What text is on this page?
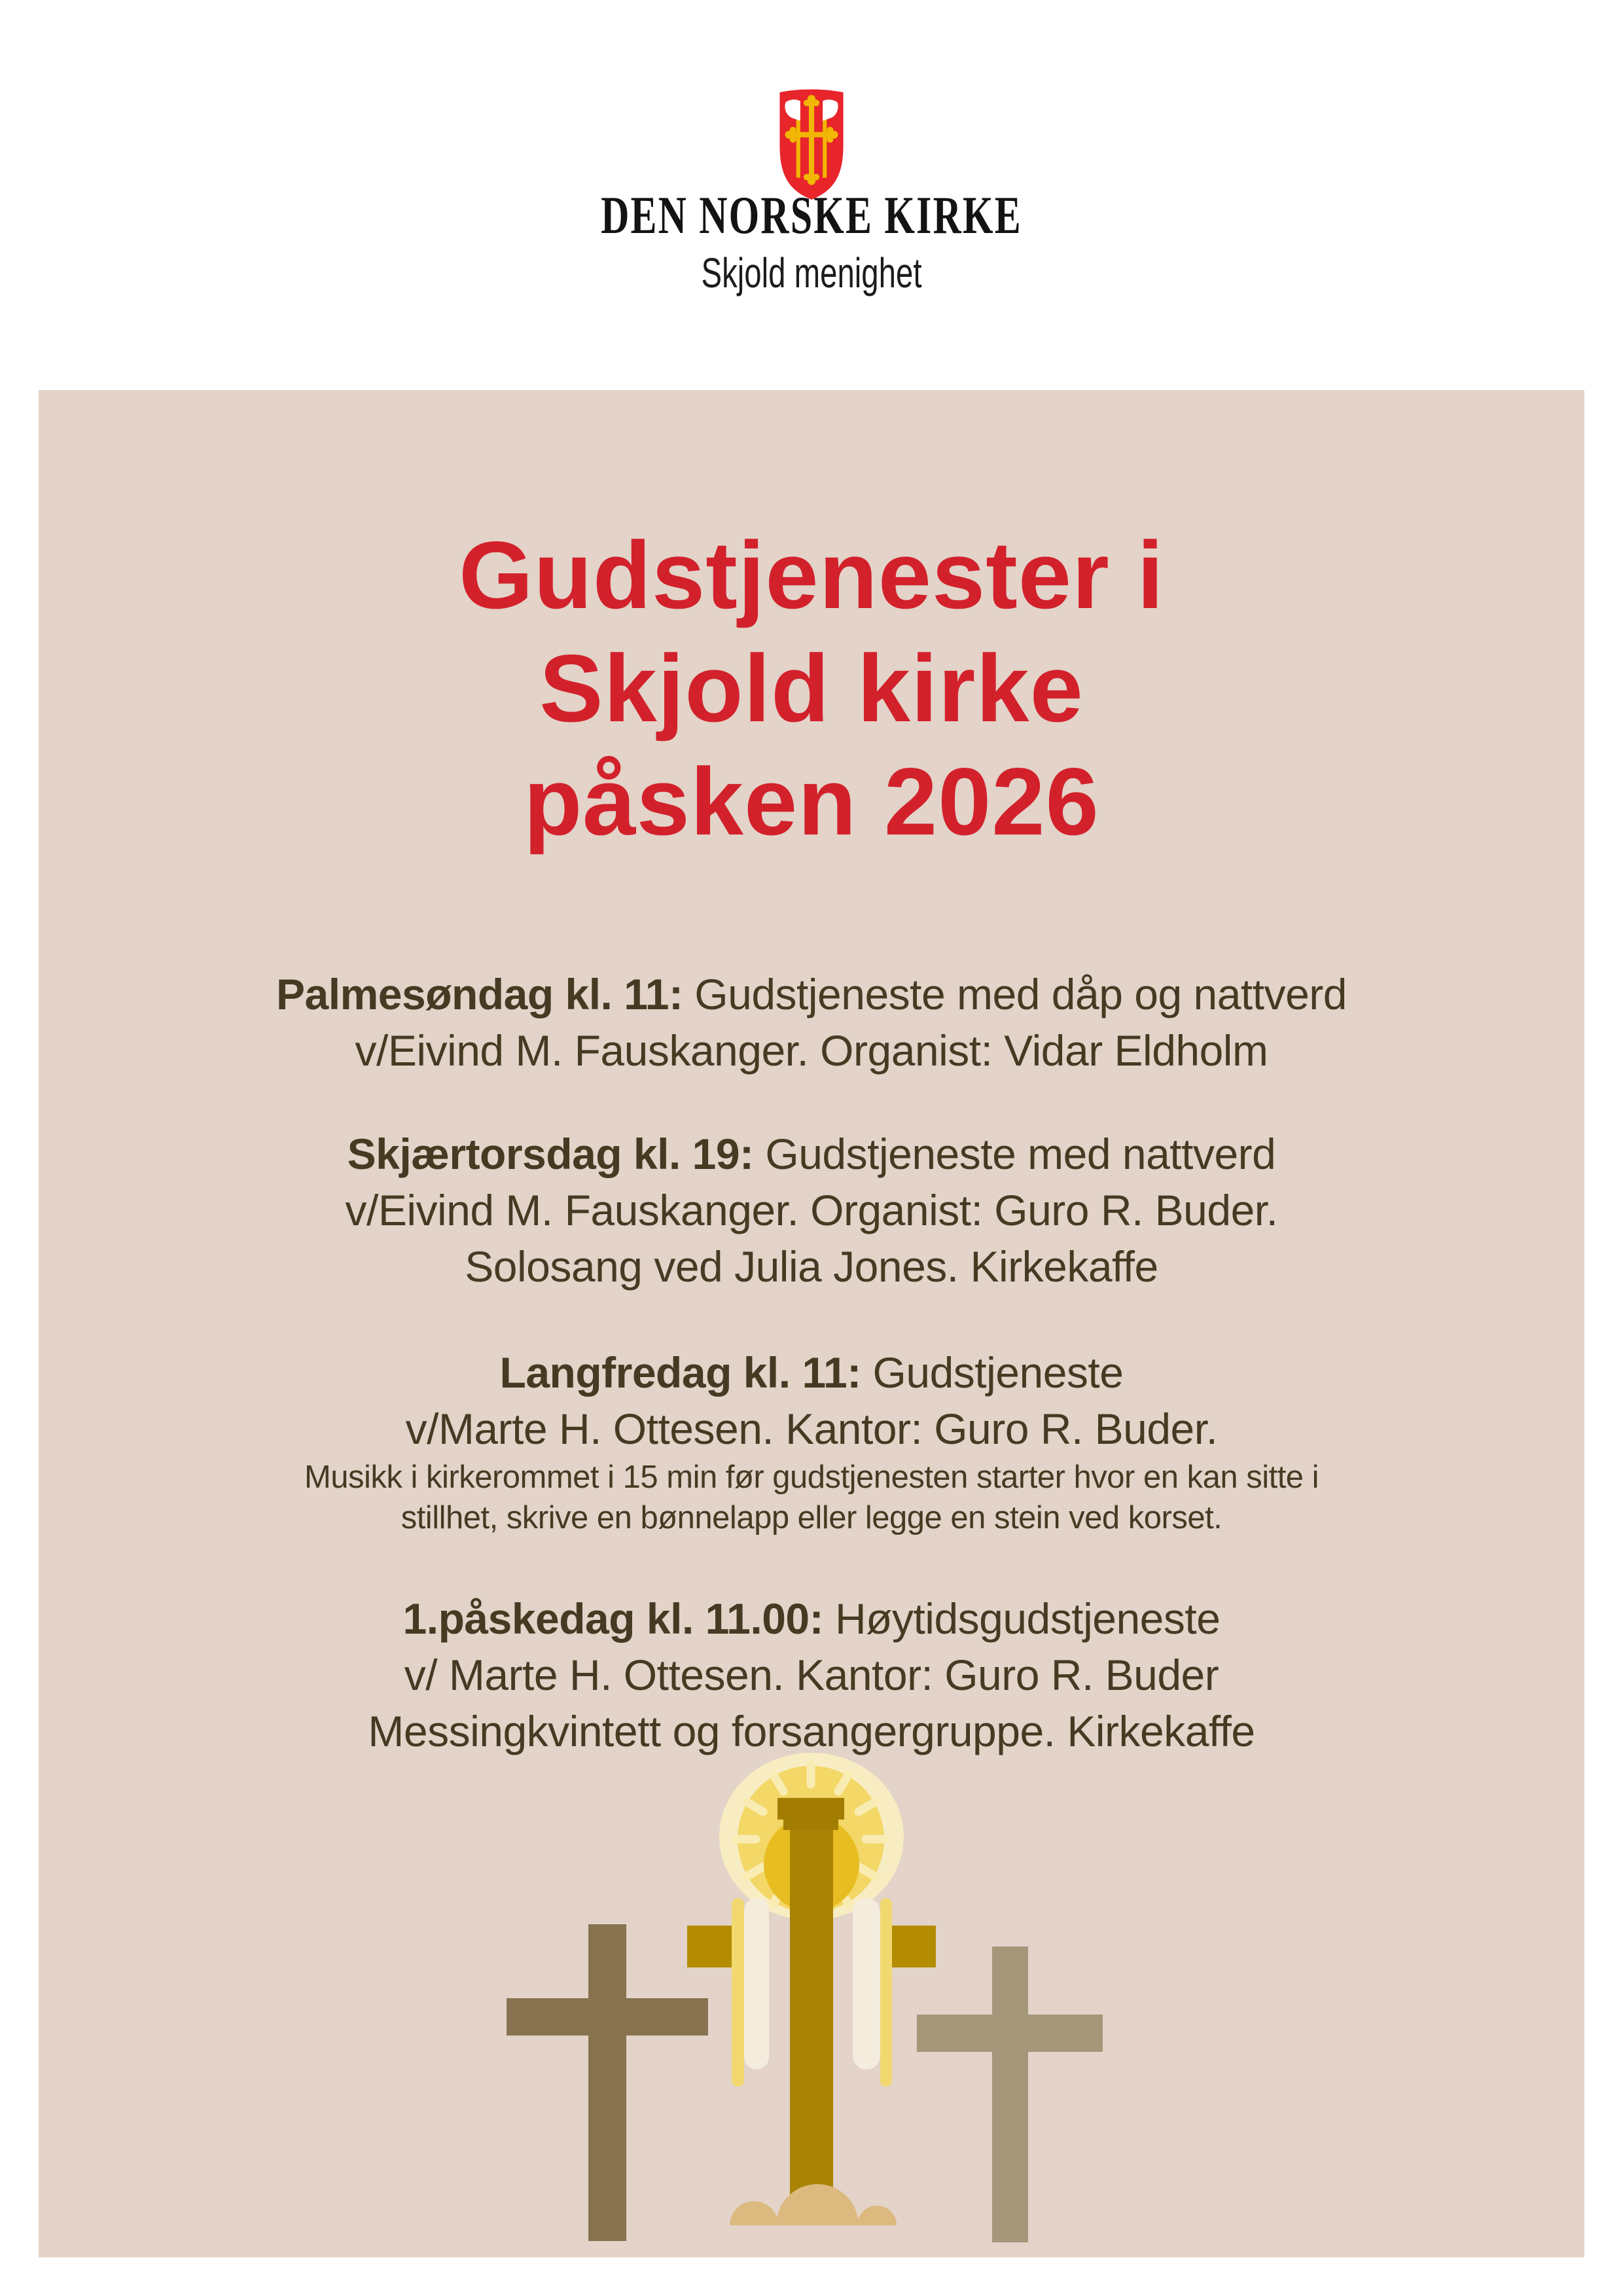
DEN NORSKE KIRKE
Skjold menighet
Gudstjenester i
Skjold kirke
påsken 2026
Palmesøndag kl. 11: Gudstjeneste med dåp og nattverd
v/Eivind M. Fauskanger. Organist: Vidar Eldholm
Skjærtorsdag kl. 19: Gudstjeneste med nattverd
v/Eivind M. Fauskanger. Organist: Guro R. Buder.
Solosang ved Julia Jones. Kirkekaffe
Langfredag kl. 11: Gudstjeneste
v/Marte H. Ottesen. Kantor: Guro R. Buder.
Musikk i kirkerommet i 15 min før gudstjenesten starter hvor en kan sitte i
stillhet, skrive en bønnelapp eller legge en stein ved korset.
1.påskedag kl. 11.00: Høytidsgudstjeneste
v/ Marte H. Ottesen. Kantor: Guro R. Buder
Messingkvintett og forsangergruppe. Kirkekaffe
